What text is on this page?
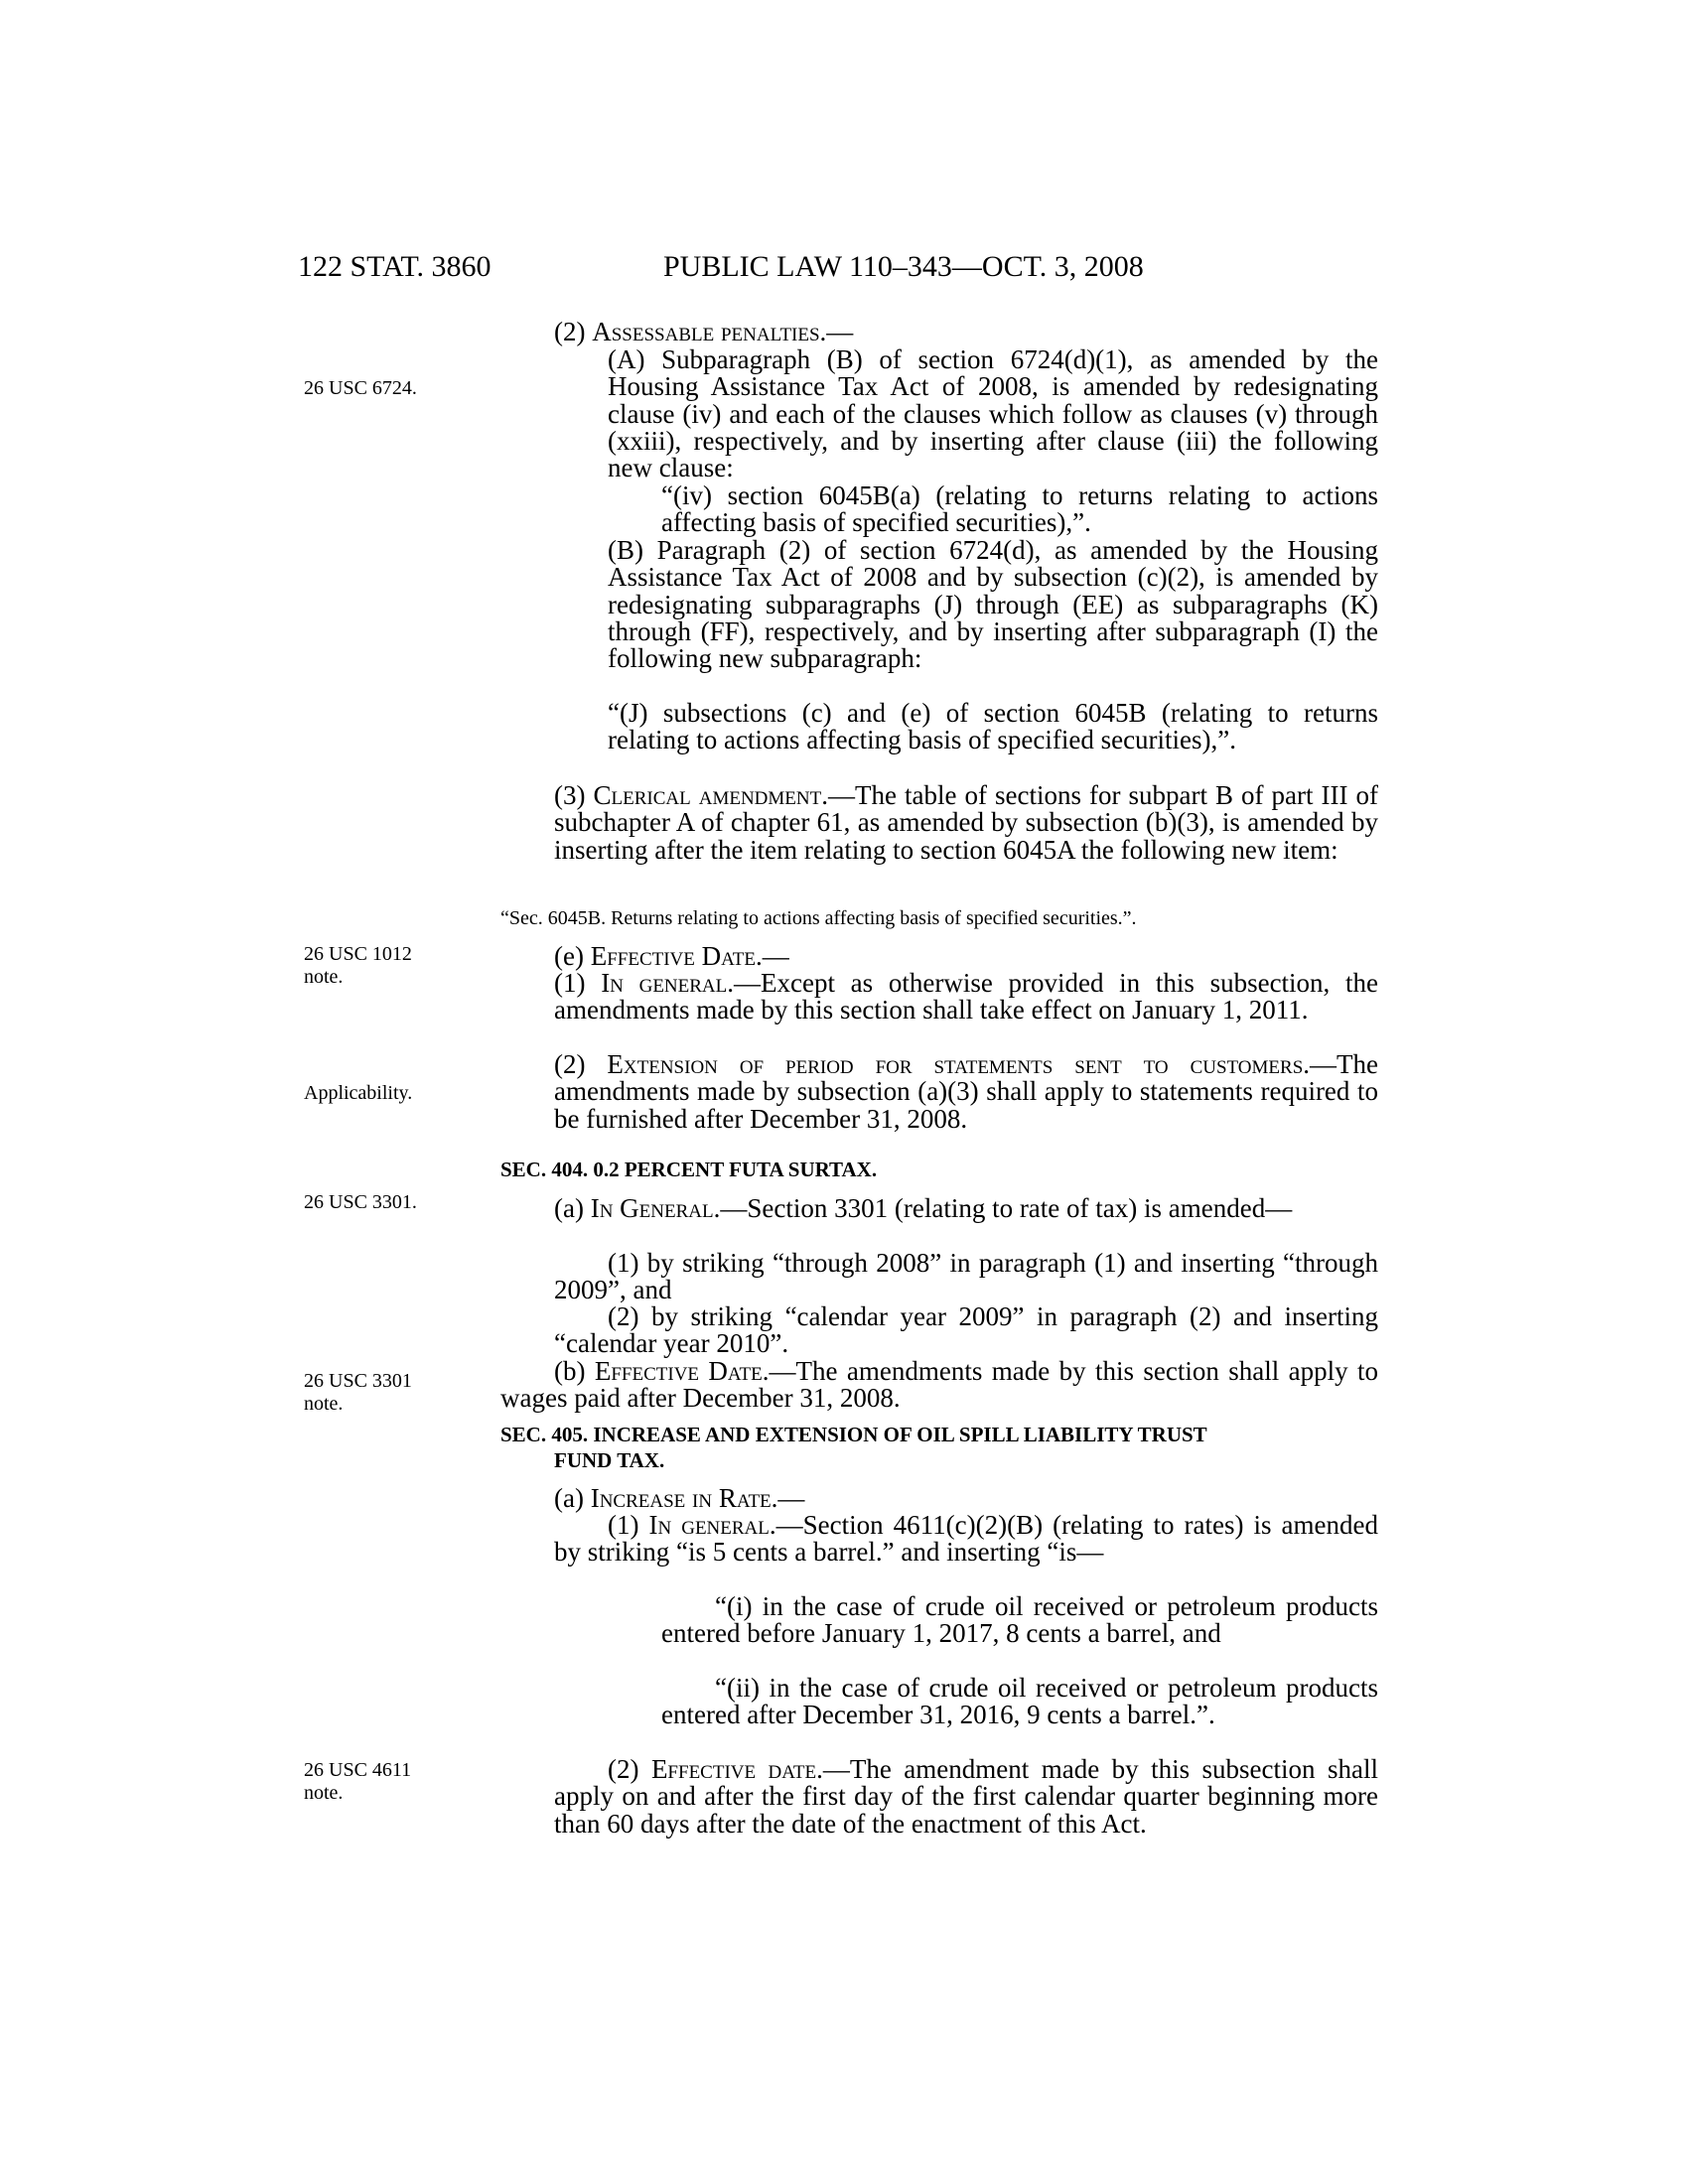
122 STAT. 3860	PUBLIC LAW 110–343—OCT. 3, 2008
26 USC 6724.
26 USC 1012
note.
Applicability.
26 USC 3301.
26 USC 3301
note.
26 USC 4611
note.

(2) Assessable penalties.—

(A) Subparagraph (B) of section 6724(d)(1), as amended by the Housing Assistance Tax Act of 2008, is amended by redesignating clause (iv) and each of the clauses which follow as clauses (v) through (xxiii), respectively, and by inserting after clause (iii) the following new clause:

“(iv) section 6045B(a) (relating to returns relating to actions affecting basis of specified securities),”.

(B) Paragraph (2) of section 6724(d), as amended by the Housing Assistance Tax Act of 2008 and by subsection (c)(2), is amended by redesignating subparagraphs (J) through (EE) as subparagraphs (K) through (FF), respectively, and by inserting after subparagraph (I) the following new subparagraph:

“(J) subsections (c) and (e) of section 6045B (relating to returns relating to actions affecting basis of specified securities),”.

(3) Clerical amendment.—The table of sections for subpart B of part III of subchapter A of chapter 61, as amended by subsection (b)(3), is amended by inserting after the item relating to section 6045A the following new item:

“Sec. 6045B. Returns relating to actions affecting basis of specified securities.”.

(e) Effective Date.—

(1) In general.—Except as otherwise provided in this subsection, the amendments made by this section shall take effect on January 1, 2011.

(2) Extension of period for statements sent to customers.—The amendments made by subsection (a)(3) shall apply to statements required to be furnished after December 31, 2008.

SEC. 404. 0.2 PERCENT FUTA SURTAX.

(a) In General.—Section 3301 (relating to rate of tax) is amended—

(1) by striking “through 2008” in paragraph (1) and inserting “through 2009”, and

(2) by striking “calendar year 2009” in paragraph (2) and inserting “calendar year 2010”.

(b) Effective Date.—The amendments made by this section shall apply to wages paid after December 31, 2008.

SEC. 405. INCREASE AND EXTENSION OF OIL SPILL LIABILITY TRUST
FUND TAX.

(a) Increase in Rate.—

(1) In general.—Section 4611(c)(2)(B) (relating to rates) is amended by striking “is 5 cents a barrel.” and inserting “is—

“(i) in the case of crude oil received or petroleum products entered before January 1, 2017, 8 cents a barrel, and

“(ii) in the case of crude oil received or petroleum products entered after December 31, 2016, 9 cents a barrel.”.

(2) Effective date.—The amendment made by this subsection shall apply on and after the first day of the first calendar quarter beginning more than 60 days after the date of the enactment of this Act.
